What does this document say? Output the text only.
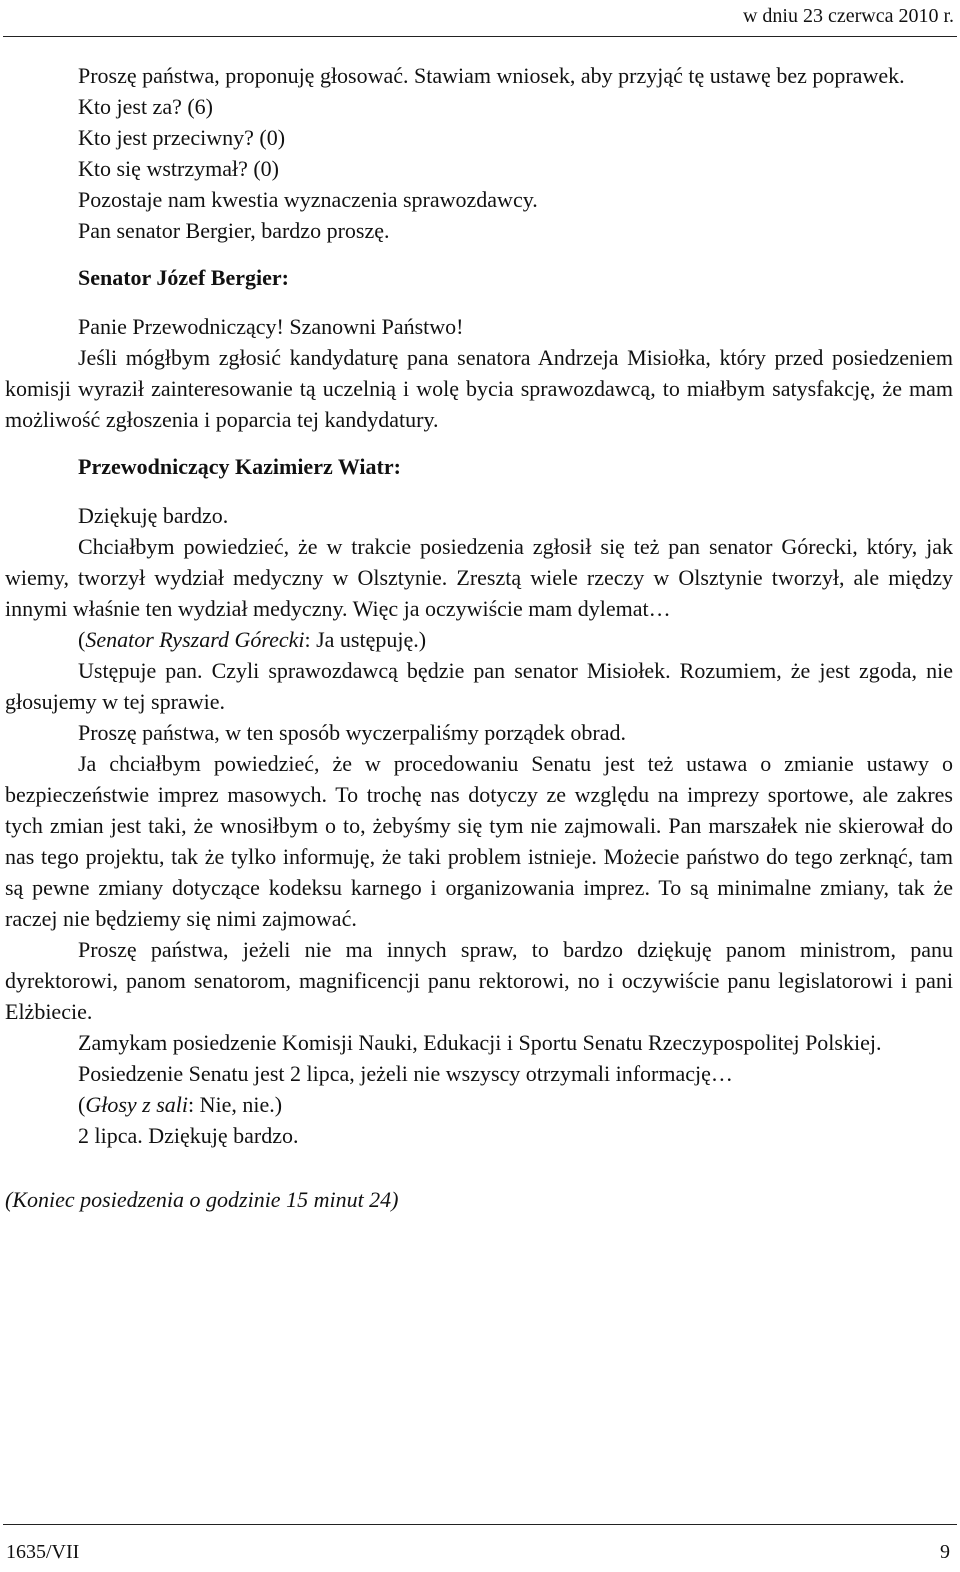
w dniu 23 czerwca 2010 r.

Proszę państwa, proponuję głosować. Stawiam wniosek, aby przyjąć tę ustawę bez poprawek.

Kto jest za? (6)

Kto jest przeciwny? (0)

Kto się wstrzymał? (0)

Pozostaje nam kwestia wyznaczenia sprawozdawcy.

Pan senator Bergier, bardzo proszę.

Senator Józef Bergier:

Panie Przewodniczący! Szanowni Państwo!

Jeśli mógłbym zgłosić kandydaturę pana senatora Andrzeja Misiołka, który przed posiedzeniem komisji wyraził zainteresowanie tą uczelnią i wolę bycia sprawozdawcą, to miałbym satysfakcję, że mam możliwość zgłoszenia i poparcia tej kandydatury.

Przewodniczący Kazimierz Wiatr:

Dziękuję bardzo.

Chciałbym powiedzieć, że w trakcie posiedzenia zgłosił się też pan senator Górecki, który, jak wiemy, tworzył wydział medyczny w Olsztynie. Zresztą wiele rzeczy w Olsztynie tworzył, ale między innymi właśnie ten wydział medyczny. Więc ja oczywiście mam dylemat…

(Senator Ryszard Górecki: Ja ustępuję.)

Ustępuje pan. Czyli sprawozdawcą będzie pan senator Misiołek. Rozumiem, że jest zgoda, nie głosujemy w tej sprawie.

Proszę państwa, w ten sposób wyczerpaliśmy porządek obrad.

Ja chciałbym powiedzieć, że w procedowaniu Senatu jest też ustawa o zmianie ustawy o bezpieczeństwie imprez masowych. To trochę nas dotyczy ze względu na imprezy sportowe, ale zakres tych zmian jest taki, że wnosiłbym o to, żebyśmy się tym nie zajmowali. Pan marszałek nie skierował do nas tego projektu, tak że tylko informuję, że taki problem istnieje. Możecie państwo do tego zerknąć, tam są pewne zmiany dotyczące kodeksu karnego i organizowania imprez. To są minimalne zmiany, tak że raczej nie będziemy się nimi zajmować.

Proszę państwa, jeżeli nie ma innych spraw, to bardzo dziękuję panom ministrom, panu dyrektorowi, panom senatorom, magnificencji panu rektorowi, no i oczywiście panu legislatorowi i pani Elżbiecie.

Zamykam posiedzenie Komisji Nauki, Edukacji i Sportu Senatu Rzeczypospolitej Polskiej.

Posiedzenie Senatu jest 2 lipca, jeżeli nie wszyscy otrzymali informację…

(Głosy z sali: Nie, nie.)

2 lipca. Dziękuję bardzo.

(Koniec posiedzenia o godzinie 15 minut 24)

1635/VII	9
